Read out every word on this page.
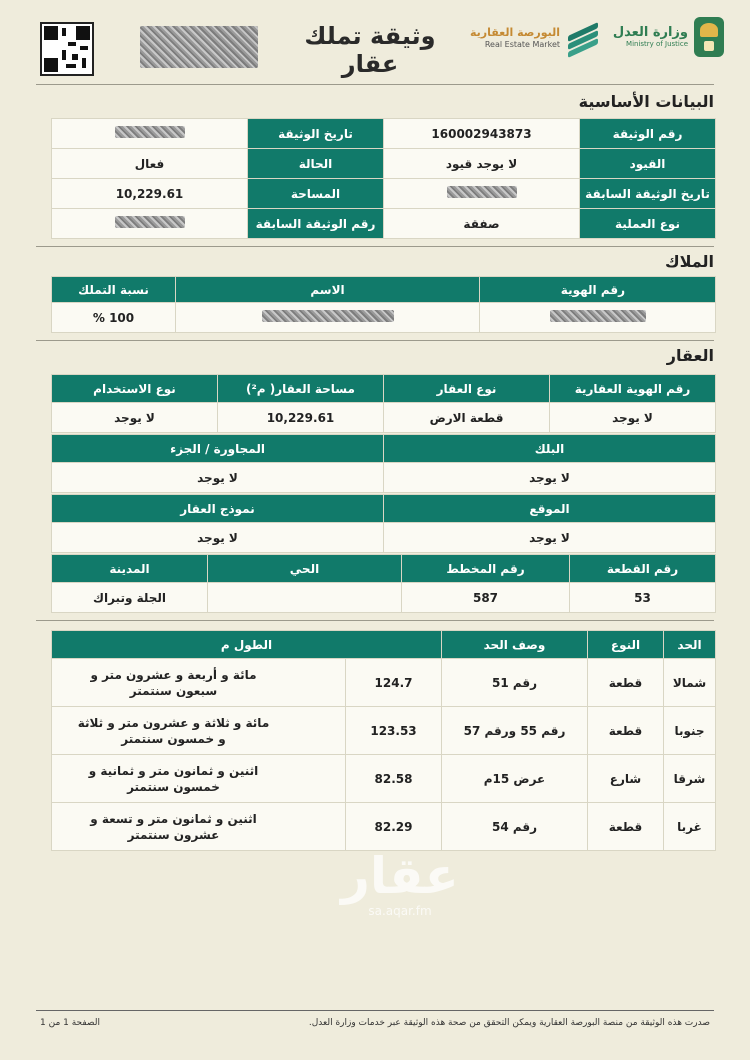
وزارة العدل
Ministry of Justice
البورصة العقارية
Real Estate Market
وثيقة تملك عقار
البيانات الأساسية
رقم الوثيقة	160002943873	تاريخ الوثيقة	
القيود	لا يوجد قيود	الحالة	فعال
تاريخ الوثيقة السابقة		المساحة	10,229.61
نوع العملية	صفقة	رقم الوثيقة السابقة	
الملاك
رقم الهوية	الاسم	نسبة التملك
		100 %
العقار
رقم الهوية العقارية	نوع العقار	مساحة العقار( م²)	نوع الاستخدام
لا يوجد	قطعة الارض	10,229.61	لا يوجد
البلك	المجاورة / الجزء
لا يوجد	لا يوجد
الموقع	نموذج العقار
لا يوجد	لا يوجد
رقم القطعة	رقم المخطط	الحي	المدينة
53	587		الجلة وتبراك
الحد	النوع	وصف الحد	الطول م	
شمالا	قطعة	رقم 51	124.7	مائة و أربعة و عشرون متر و سبعون سنتمتر
جنوبا	قطعة	رقم 55 ورقم 57	123.53	مائة و ثلاثة و عشرون متر و ثلاثة و خمسون سنتمتر
شرقا	شارع	عرض 15م	82.58	اثنين و ثمانون متر و ثمانية و خمسون سنتمتر
غربا	قطعة	رقم 54	82.29	اثنين و ثمانون متر و تسعة و عشرون سنتمتر
عقار
sa.aqar.fm
صدرت هذه الوثيقة من منصة البورصة العقارية ويمكن التحقق من صحة هذه الوثيقة عبر خدمات وزارة العدل.
الصفحة 1 من 1
